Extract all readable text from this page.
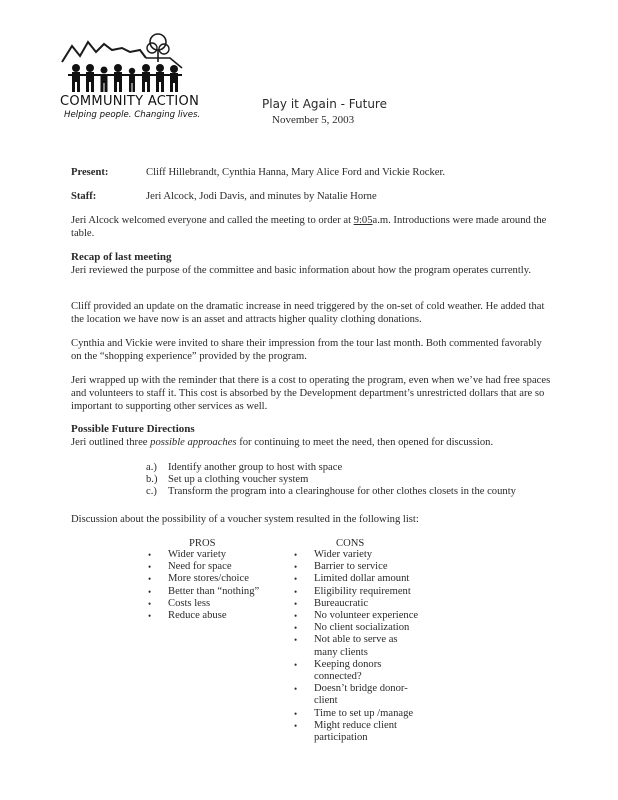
COMMUNITY ACTION
Helping people. Changing lives.
Play it Again - Future
November 5, 2003
Present:	Cliff Hillebrandt, Cynthia Hanna, Mary Alice Ford and Vickie Rocker.
Staff:	Jeri Alcock, Jodi Davis, and minutes by Natalie Horne
Jeri Alcock welcomed everyone and called the meeting to order at 9:05a.m. Introductions were made around the table.
Recap of last meeting
Jeri reviewed the purpose of the committee and basic information about how the program operates currently.
Cliff provided an update on the dramatic increase in need triggered by the on-set of cold weather. He added that the location we have now is an asset and attracts higher quality clothing donations.
Cynthia and Vickie were invited to share their impression from the tour last month. Both commented favorably on the “shopping experience” provided by the program.
Jeri wrapped up with the reminder that there is a cost to operating the program, even when we’ve had free spaces and volunteers to staff it. This cost is absorbed by the Development department’s unrestricted dollars that are so important to supporting other services as well.
Possible Future Directions
Jeri outlined three possible approaches for continuing to meet the need, then opened for discussion.
a.)	Identify another group to host with space
b.) Set up a clothing voucher system
c.)	Transform the program into a clearinghouse for other clothes closets in the county
Discussion about the possibility of a voucher system resulted in the following list:
PROS
• Wider variety
• Need for space
• More stores/choice
• Better than “nothing”
• Costs less
• Reduce abuse
CONS
• Wider variety
• Barrier to service
• Limited dollar amount
• Eligibility requirement
• Bureaucratic
• No volunteer experience
• No client socialization
• Not able to serve as many clients
• Keeping donors connected?
• Doesn’t bridge donor-client
• Time to set up /manage
• Might reduce client participation
